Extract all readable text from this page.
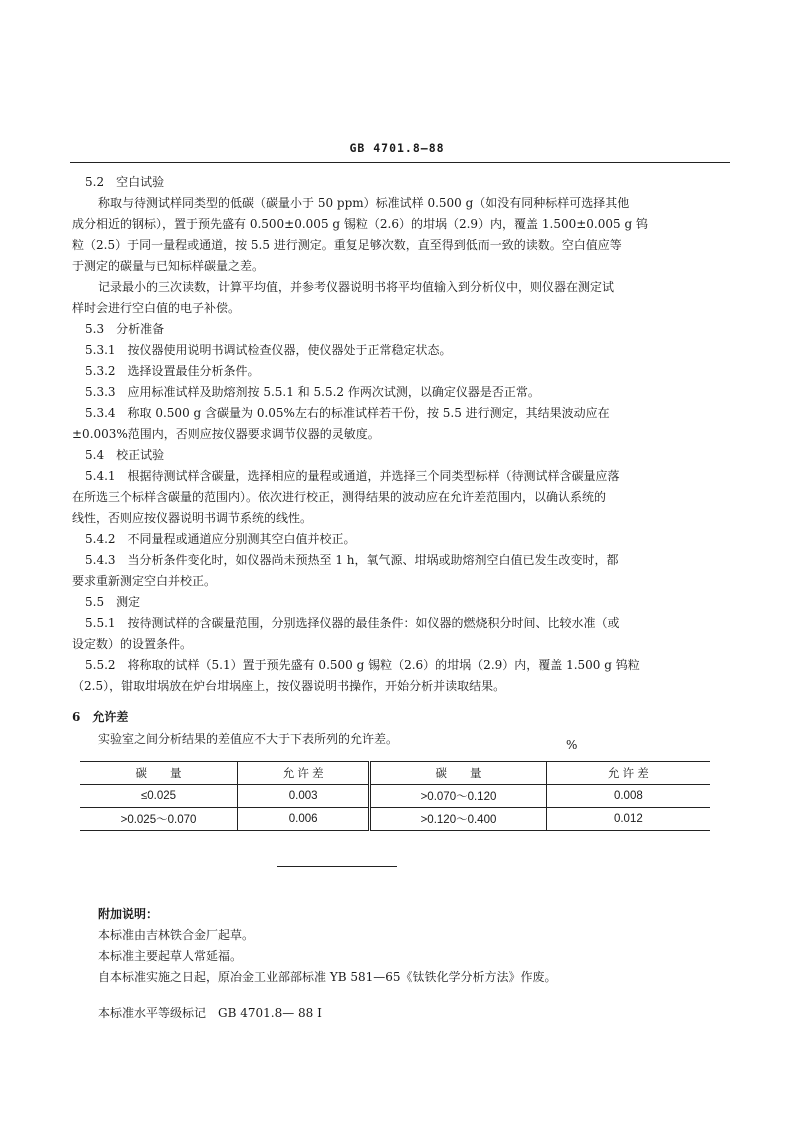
GB 4701.8—88
5.2　空白试验
称取与待测试样同类型的低碳（碳量小于 50 ppm）标准试样 0.500 g（如没有同种标样可选择其他
成分相近的钢标），置于预先盛有 0.500±0.005 g 锡粒（2.6）的坩埚（2.9）内，覆盖 1.500±0.005 g 钨
粒（2.5）于同一量程或通道，按 5.5 进行测定。重复足够次数，直至得到低而一致的读数。空白值应等
于测定的碳量与已知标样碳量之差。
记录最小的三次读数，计算平均值，并参考仪器说明书将平均值输入到分析仪中，则仪器在测定试
样时会进行空白值的电子补偿。
5.3　分析准备
5.3.1　按仪器使用说明书调试检查仪器，使仪器处于正常稳定状态。
5.3.2　选择设置最佳分析条件。
5.3.3　应用标准试样及助熔剂按 5.5.1 和 5.5.2 作两次试测，以确定仪器是否正常。
5.3.4　称取 0.500 g 含碳量为 0.05%左右的标准试样若干份，按 5.5 进行测定，其结果波动应在
±0.003%范围内，否则应按仪器要求调节仪器的灵敏度。
5.4　校正试验
5.4.1　根据待测试样含碳量，选择相应的量程或通道，并选择三个同类型标样（待测试样含碳量应落
在所选三个标样含碳量的范围内）。依次进行校正，测得结果的波动应在允许差范围内，以确认系统的
线性，否则应按仪器说明书调节系统的线性。
5.4.2　不同量程或通道应分别测其空白值并校正。
5.4.3　当分析条件变化时，如仪器尚未预热至 1 h，氧气源、坩埚或助熔剂空白值已发生改变时，都
要求重新测定空白并校正。
5.5　测定
5.5.1　按待测试样的含碳量范围，分别选择仪器的最佳条件：如仪器的燃烧积分时间、比较水准（或
设定数）的设置条件。
5.5.2　将称取的试样（5.1）置于预先盛有 0.500 g 锡粒（2.6）的坩埚（2.9）内，覆盖 1.500 g 钨粒
（2.5），钳取坩埚放在炉台坩埚座上，按仪器说明书操作，开始分析并读取结果。
6　允许差
实验室之间分析结果的差值应不大于下表所列的允许差。	%
碳　　量	允 许 差	碳　　量	允 许 差
≤0.025	0.003	>0.070～0.120	0.008
>0.025～0.070	0.006	>0.120～0.400	0.012
附加说明：
本标准由吉林铁合金厂起草。
本标准主要起草人常延福。
自本标准实施之日起，原冶金工业部部标准 YB 581—65《钛铁化学分析方法》作废。
本标准水平等级标记　GB 4701.8— 88 I
